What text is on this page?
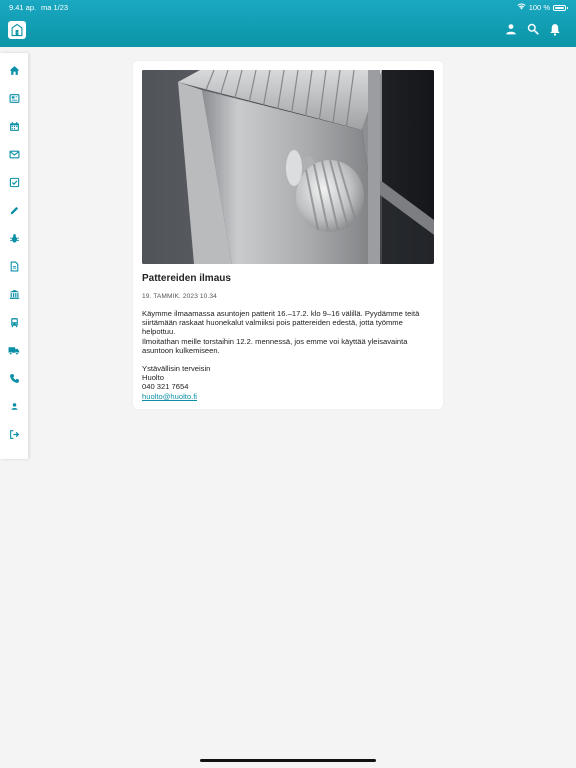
9.41 ap. ma 1/23	100 %
Pattereiden ilmaus
19. TAMMIK. 2023 10.34

Käymme ilmaamassa asuntojen patterit 16.–17.2. klo 9–16 välillä. Pyydämme teitä siirtämään raskaat huonekalut valmiiksi pois pattereiden edestä, jotta työmme helpottuu.

Ilmoitathan meille torstaihin 12.2. mennessä, jos emme voi käyttää yleisavainta asuntoon kulkemiseen.

Ystävällisin terveisin

Huolto

040 321 7654

huolto@huolto.fi
